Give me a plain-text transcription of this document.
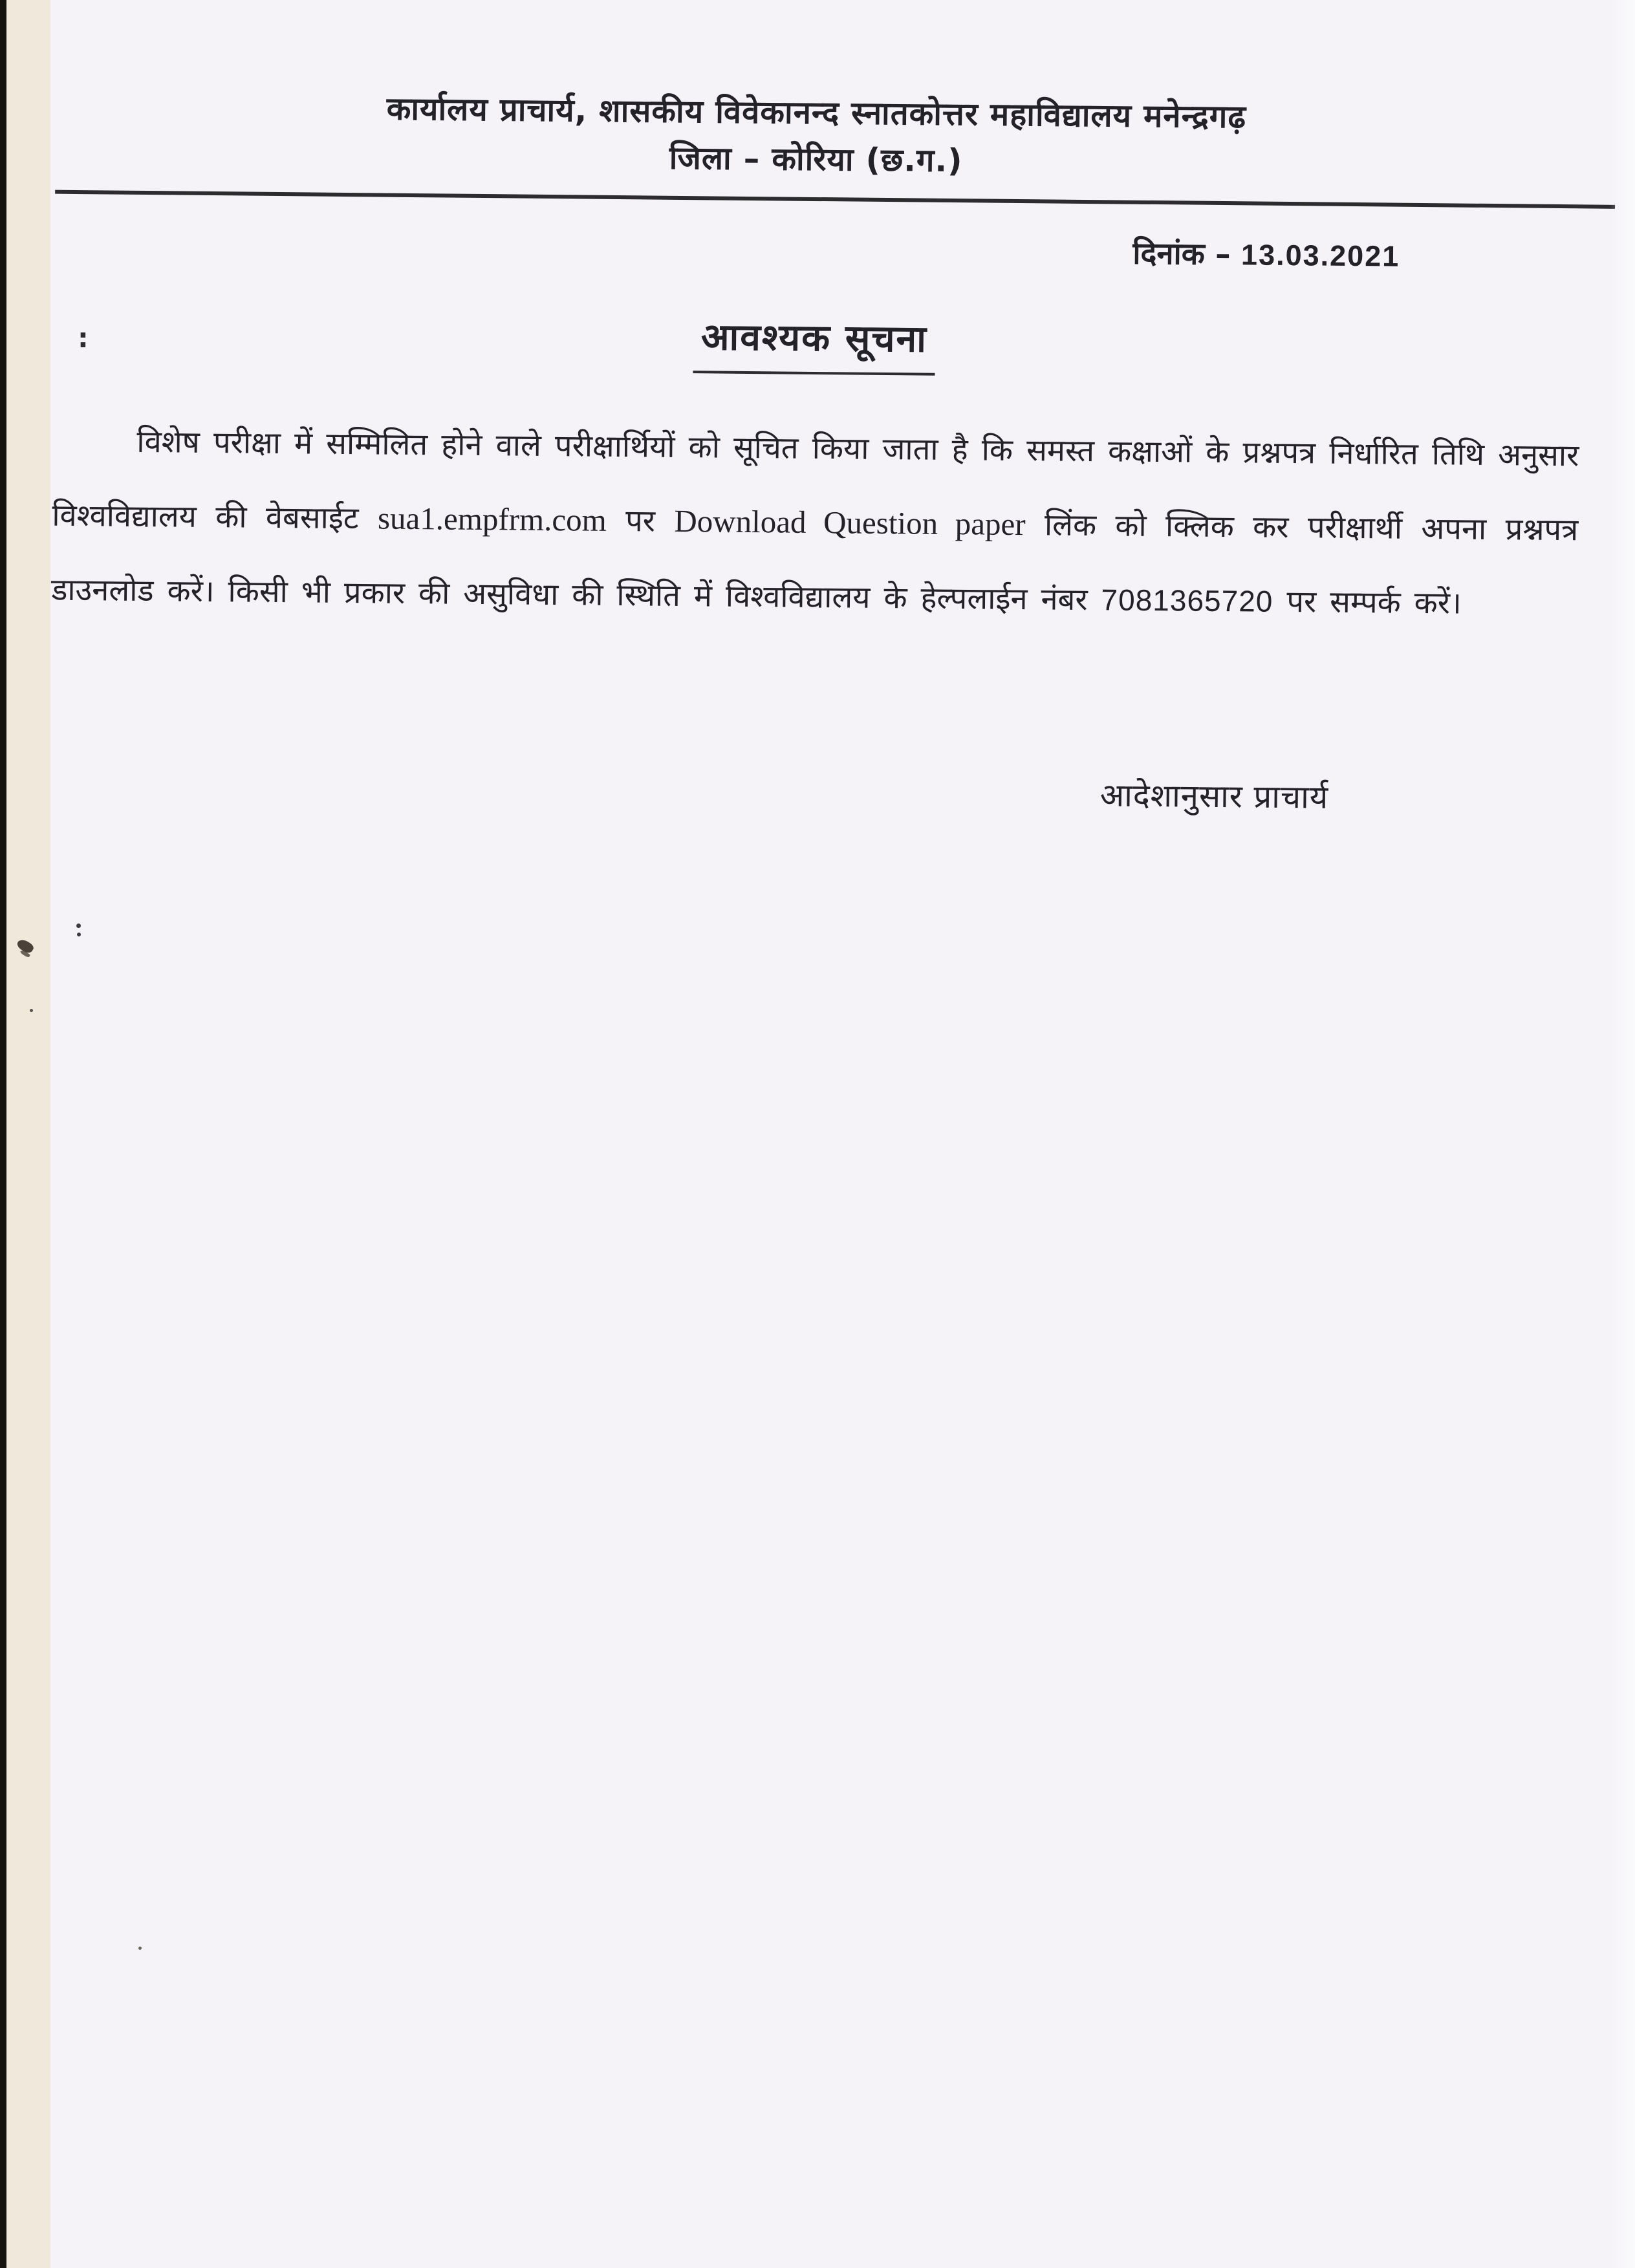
कार्यालय प्राचार्य, शासकीय विवेकानन्द स्नातकोत्तर महाविद्यालय मनेन्द्रगढ़
जिला – कोरिया (छ.ग.)
दिनांक – 13.03.2021
आवश्यक सूचना

विशेष परीक्षा में सम्मिलित होने वाले परीक्षार्थियों को सूचित किया जाता है कि समस्त कक्षाओं के प्रश्नपत्र निर्धारित तिथि अनुसार विश्वविद्यालय की वेबसाईट sua1.empfrm.com पर Download Question paper लिंक को क्लिक कर परीक्षार्थी अपना प्रश्नपत्र डाउनलोड करें। किसी भी प्रकार की असुविधा की स्थिति में विश्वविद्यालय के हेल्पलाईन नंबर 7081365720 पर सम्पर्क करें।

आदेशानुसार प्राचार्य
:
